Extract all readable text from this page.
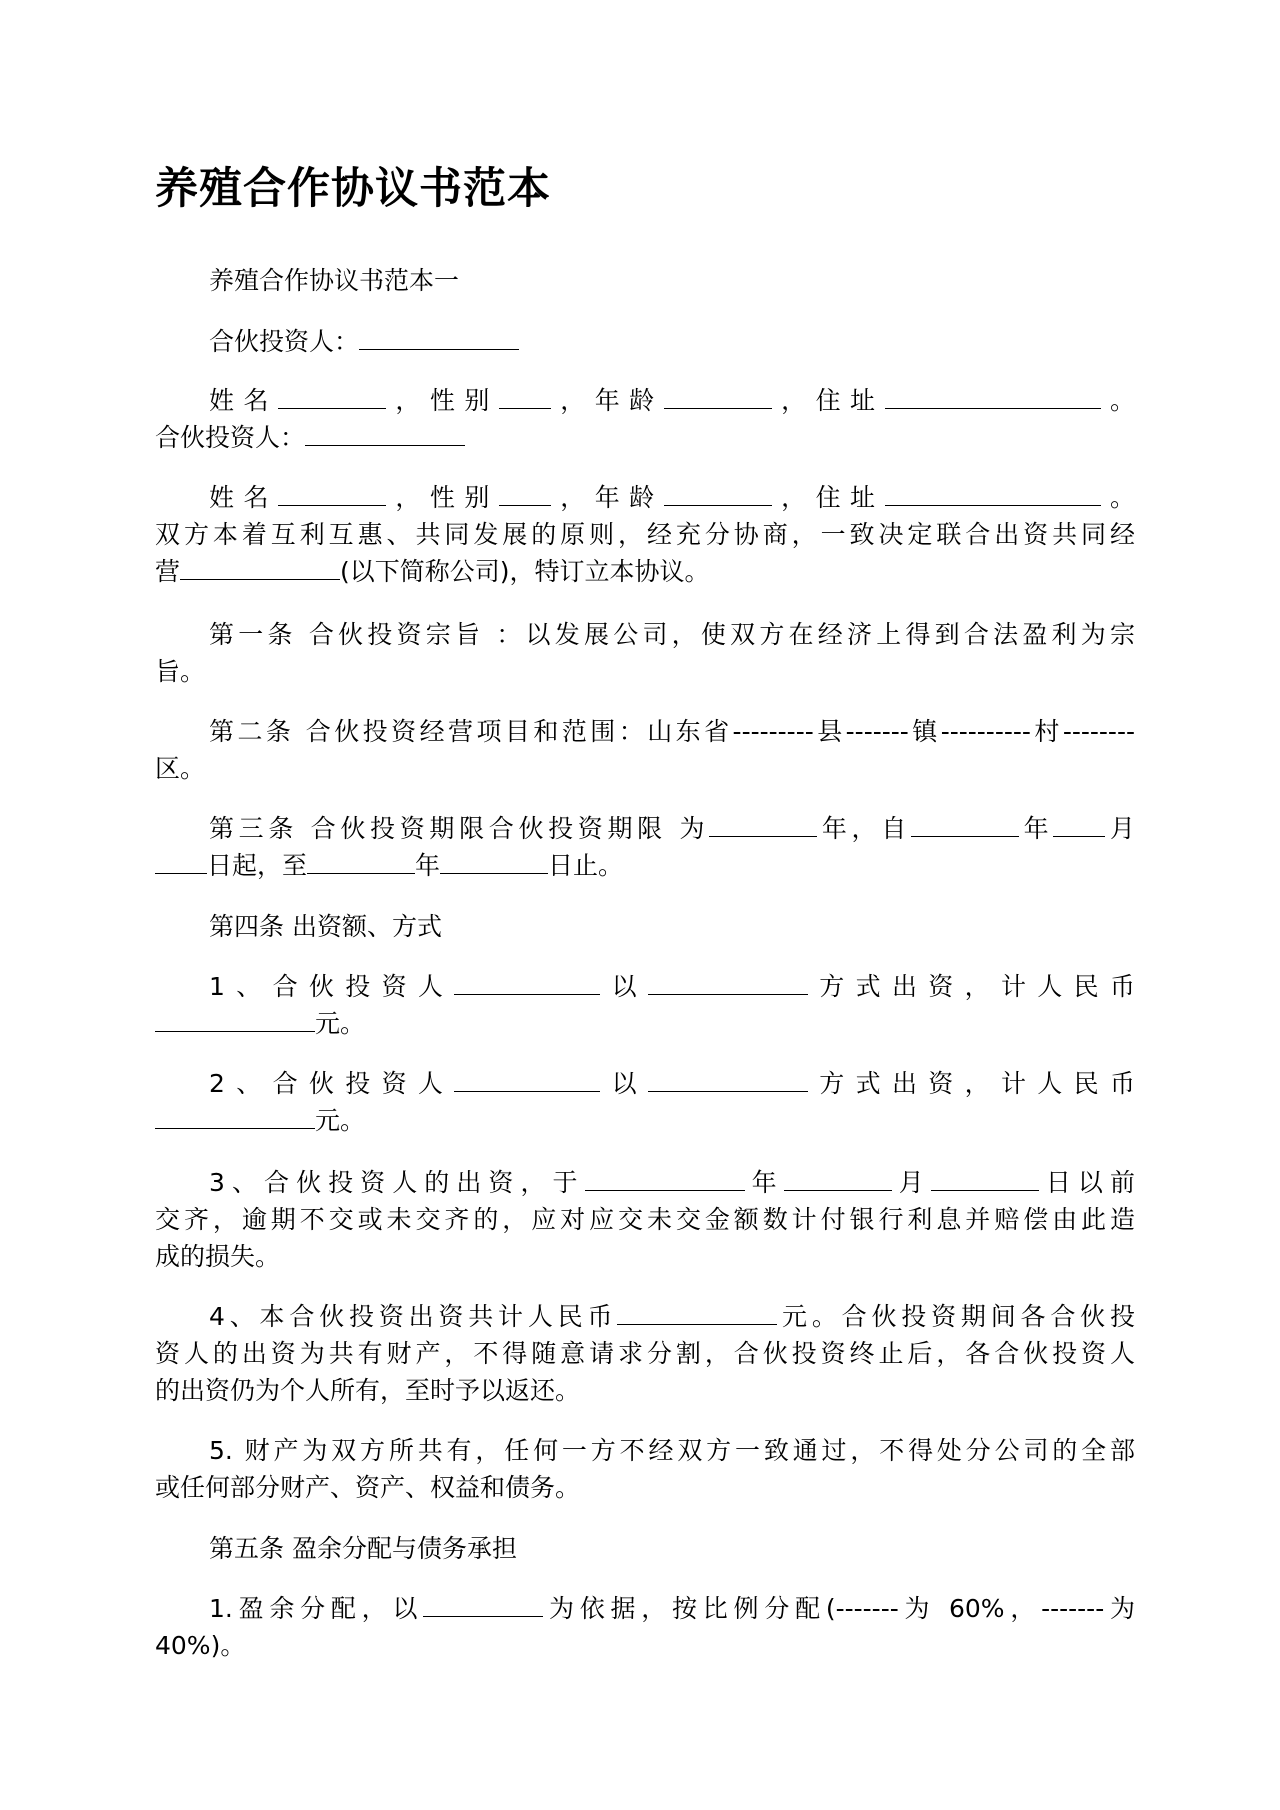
养殖合作协议书范本

养殖合作协议书范本一

合伙投资人：

姓名	，性别 ，年龄	，住址	。
合伙投资人：

姓名	，性别 ，年龄	，住址	。
双方本着互利互惠、共同发展的原则，经充分协商，一致决定联合出资共同经
营	(以下简称公司)，特订立本协议。

第一条 合伙投资宗旨 ：以发展公司，使双方在经济上得到合法盈利为宗
旨。

第二条 合伙投资经营项目和范围：山东省---------县-------镇----------村--------
区。

第三条 合伙投资期限合伙投资期限 为	年，自	年 月
日起，至	年	日止。

第四条 出资额、方式

1、合伙投资人	以	方式出资，计人民币
元。

2、合伙投资人	以	方式出资，计人民币
元。

3、合伙投资人的出资，于	年	月	日以前
交齐，逾期不交或未交齐的，应对应交未交金额数计付银行利息并赔偿由此造
成的损失。

4、本合伙投资出资共计人民币	元。合伙投资期间各合伙投
资人的出资为共有财产，不得随意请求分割，合伙投资终止后，各合伙投资人
的出资仍为个人所有，至时予以返还。

5. 财产为双方所共有，任何一方不经双方一致通过，不得处分公司的全部
或任何部分财产、资产、权益和债务。

第五条 盈余分配与债务承担

1.盈余分配，以	为依据，按比例分配(-------为 60%，-------为
40%)。
